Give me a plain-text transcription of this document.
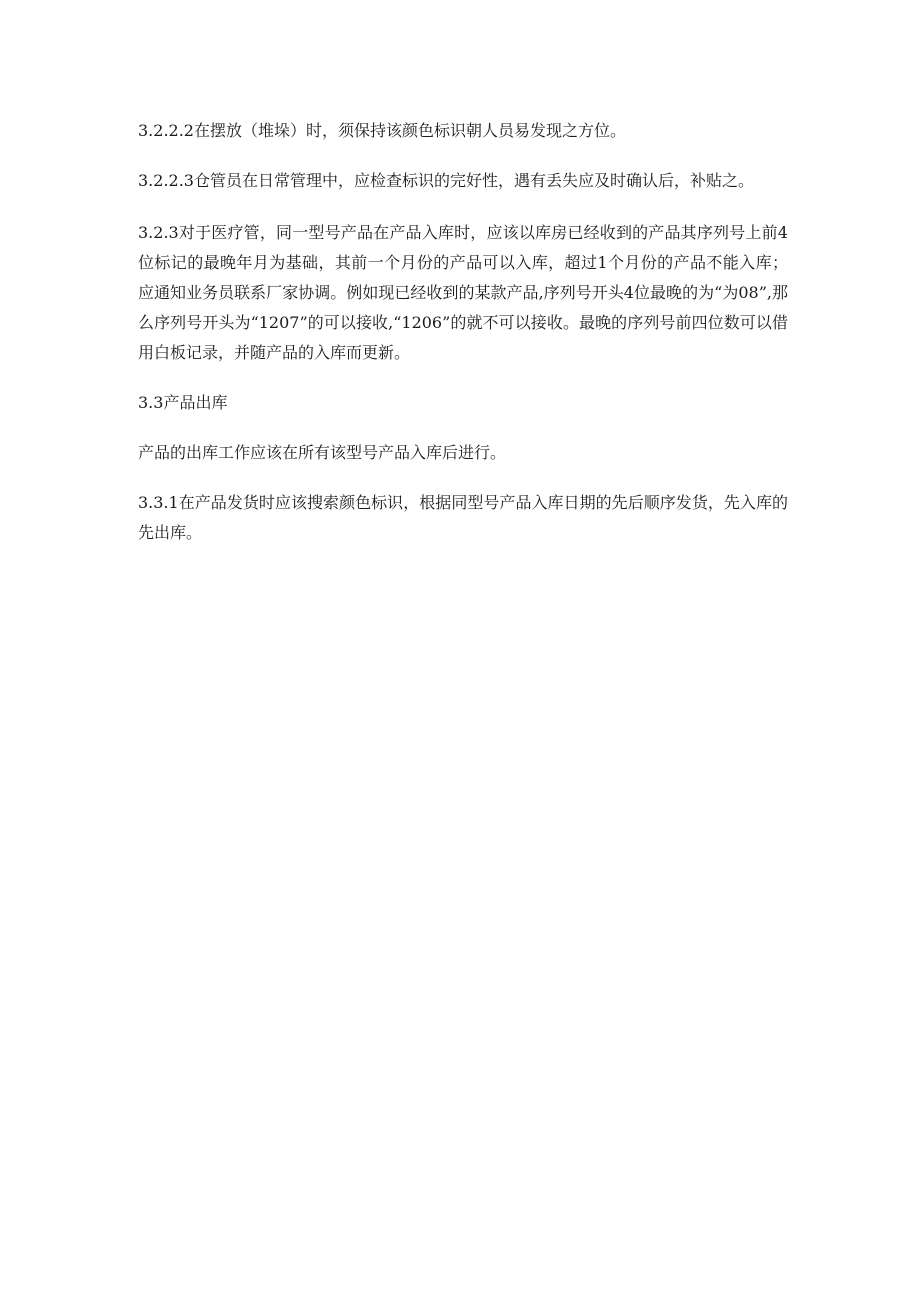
3.2.2.2在摆放（堆垛）时，须保持该颜色标识朝人员易发现之方位。

3.2.2.3仓管员在日常管理中，应检查标识的完好性，遇有丢失应及时确认后，补贴之。

3.2.3对于医疗管，同一型号产品在产品入库时，应该以库房已经收到的产品其序列号上前4位标记的最晚年月为基础，其前一个月份的产品可以入库，超过1个月份的产品不能入库；应通知业务员联系厂家协调。例如现已经收到的某款产品,序列号开头4位最晚的为“为08”,那么序列号开头为“1207”的可以接收,“1206”的就不可以接收。最晚的序列号前四位数可以借用白板记录，并随产品的入库而更新。

3.3产品出库

产品的出库工作应该在所有该型号产品入库后进行。

3.3.1在产品发货时应该搜索颜色标识，根据同型号产品入库日期的先后顺序发货，先入库的先出库。
